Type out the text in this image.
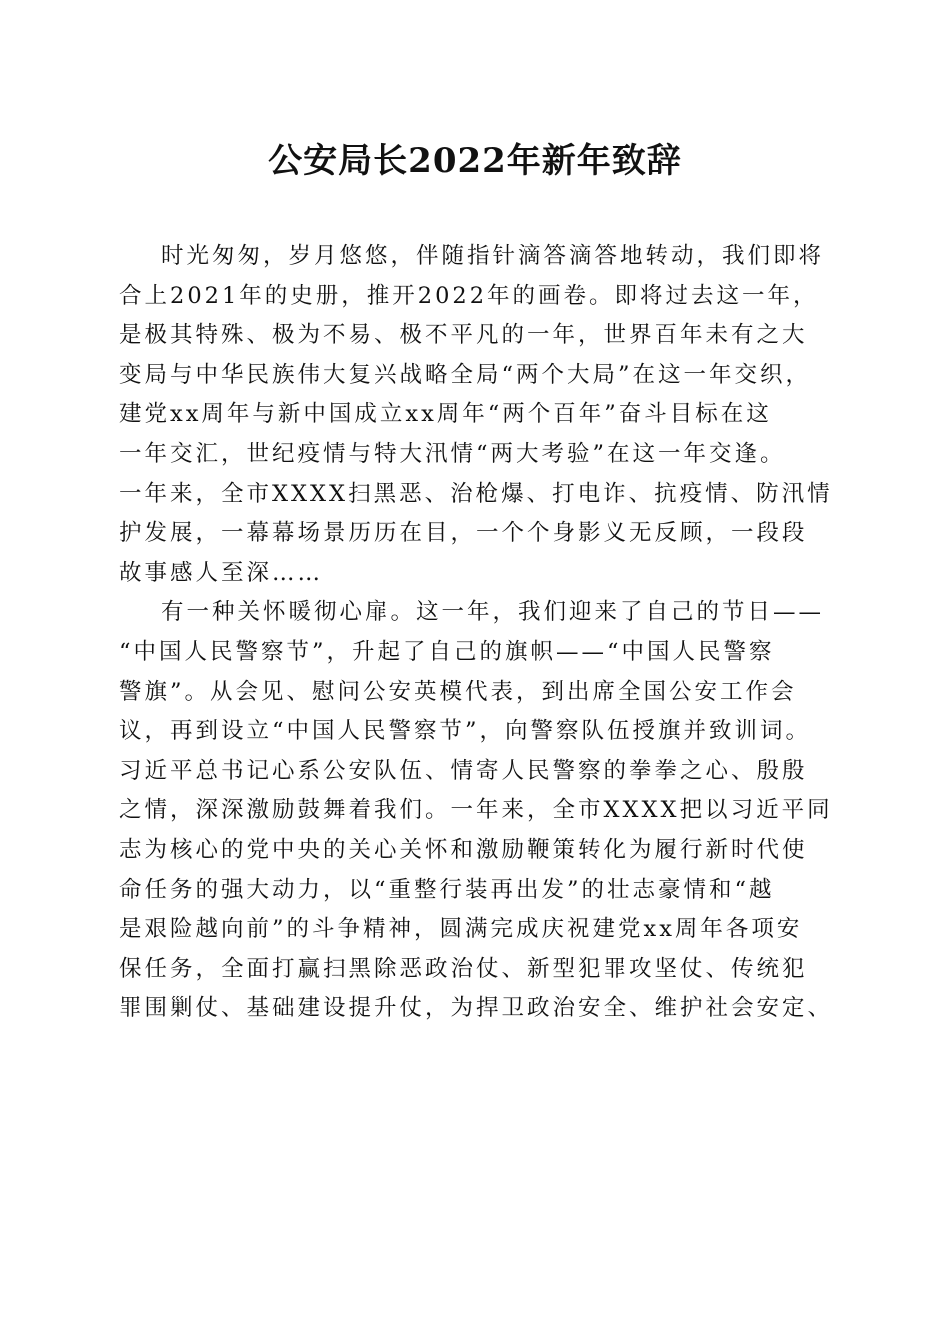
公安局长2022年新年致辞
时光匆匆，岁月悠悠，伴随指针滴答滴答地转动，我们即将
合上2021年的史册，推开2022年的画卷。即将过去这一年，
是极其特殊、极为不易、极不平凡的一年，世界百年未有之大
变局与中华民族伟大复兴战略全局“两个大局”在这一年交织，
建党xx周年与新中国成立xx周年“两个百年”奋斗目标在这
一年交汇，世纪疫情与特大汛情“两大考验”在这一年交逢。
一年来，全市XXXX扫黑恶、治枪爆、打电诈、抗疫情、防汛情
护发展，一幕幕场景历历在目，一个个身影义无反顾，一段段
故事感人至深……
有一种关怀暖彻心扉。这一年，我们迎来了自己的节日——
“中国人民警察节”，升起了自己的旗帜——“中国人民警察
警旗”。从会见、慰问公安英模代表，到出席全国公安工作会
议，再到设立“中国人民警察节”，向警察队伍授旗并致训词。
习近平总书记心系公安队伍、情寄人民警察的拳拳之心、殷殷
之情，深深激励鼓舞着我们。一年来，全市XXXX把以习近平同
志为核心的党中央的关心关怀和激励鞭策转化为履行新时代使
命任务的强大动力，以“重整行装再出发”的壮志豪情和“越
是艰险越向前”的斗争精神，圆满完成庆祝建党xx周年各项安
保任务，全面打赢扫黑除恶政治仗、新型犯罪攻坚仗、传统犯
罪围剿仗、基础建设提升仗，为捍卫政治安全、维护社会安定、
